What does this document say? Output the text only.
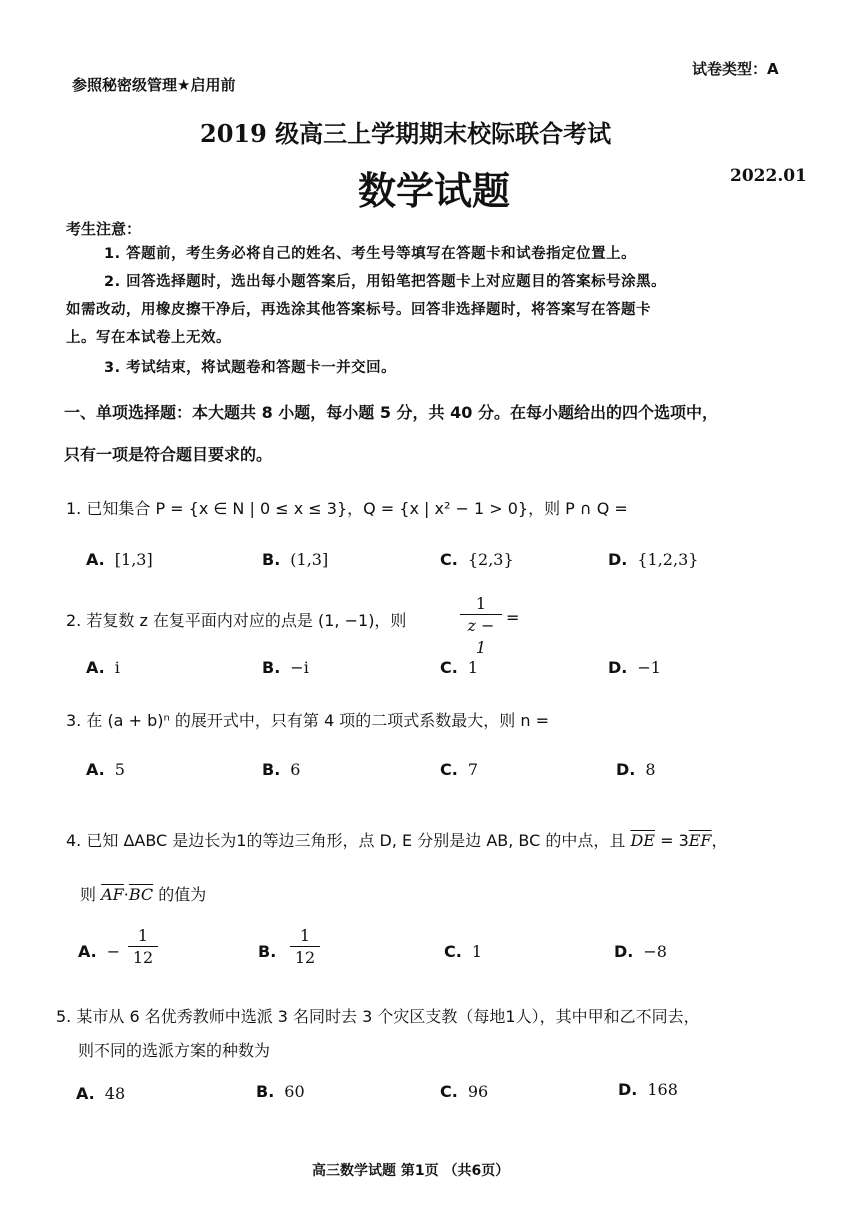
参照秘密级管理★启用前
试卷类型：A
2019 级高三上学期期末校际联合考试
数学试题	2022.01
考生注意：
1. 答题前，考生务必将自己的姓名、考生号等填写在答题卡和试卷指定位置上。
2. 回答选择题时，选出每小题答案后，用铅笔把答题卡上对应题目的答案标号涂黑。
如需改动，用橡皮擦干净后，再选涂其他答案标号。回答非选择题时，将答案写在答题卡
上。写在本试卷上无效。
3. 考试结束，将试题卷和答题卡一并交回。
一、单项选择题：本大题共 8 小题，每小题 5 分，共 40 分。在每小题给出的四个选项中，
只有一项是符合题目要求的。
1. 已知集合 P = {x ∈ N | 0 ≤ x ≤ 3}，Q = {x | x² − 1 > 0}，则 P ∩ Q =
A. [1,3]	B. (1,3]	C. {2,3}	D. {1,2,3}
2. 若复数 z 在复平面内对应的点是 (1, −1)，则	$\frac{1}{z - 1}$ =
A. i	B. −i	C. 1	D. −1
3. 在 (a + b)ⁿ 的展开式中，只有第 4 项的二项式系数最大，则 n =
A. 5	B. 6	C. 7	D. 8
4. 已知 ΔABC 是边长为1的等边三角形，点 D, E 分别是边 AB, BC 的中点，且 $\overline{DE} = 3\overline{EF}$，
则 $\overline{AF}\cdot\overline{BC}$ 的值为
A. − $\frac{1}{12}$	B. $\frac{1}{12}$	C. 1	D. −8
5. 某市从 6 名优秀教师中选派 3 名同时去 3 个灾区支教（每地1人），其中甲和乙不同去，
则不同的选派方案的种数为
A. 48	B. 60	C. 96	D. 168
高三数学试题 第1页 （共6页）
